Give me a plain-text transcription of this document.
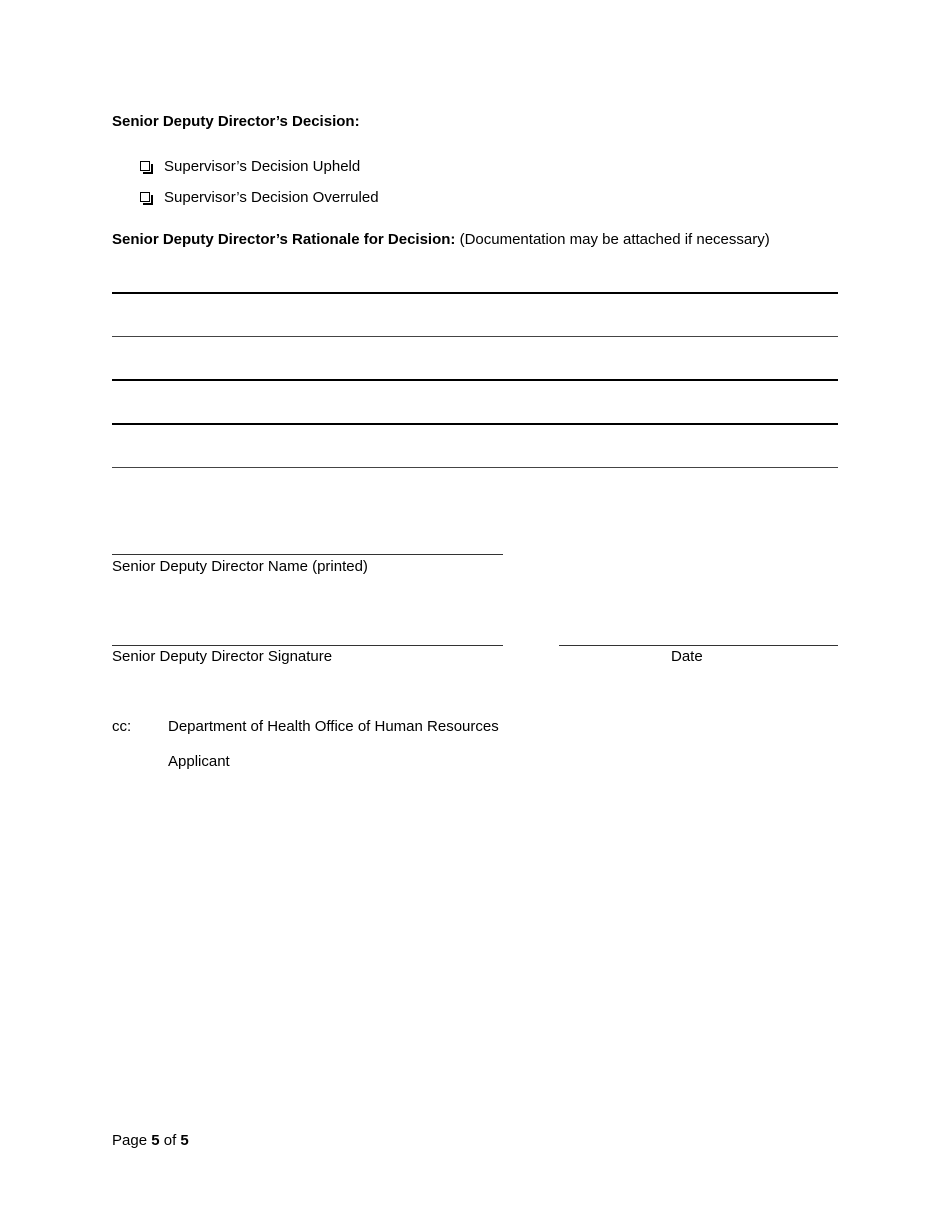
Senior Deputy Director’s Decision:
Supervisor’s Decision Upheld
Supervisor’s Decision Overruled
Senior Deputy Director’s Rationale for Decision: (Documentation may be attached if necessary)
Senior Deputy Director Name (printed)
Senior Deputy Director Signature	Date
cc: Department of Health Office of Human Resources
Applicant
Page 5 of 5
